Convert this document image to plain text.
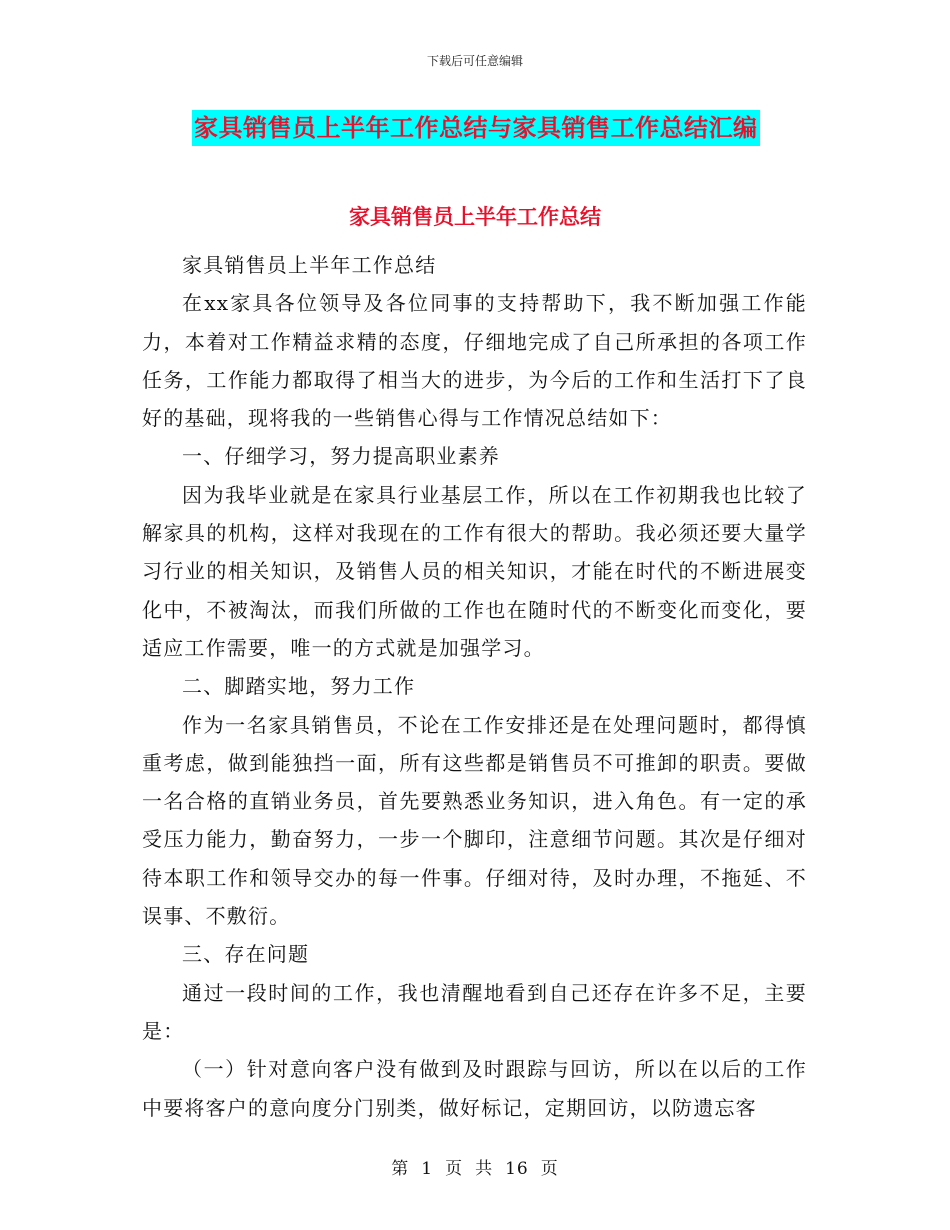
下载后可任意编辑
家具销售员上半年工作总结与家具销售工作总结汇编
家具销售员上半年工作总结

家具销售员上半年工作总结

在xx家具各位领导及各位同事的支持帮助下，我不断加强工作能力，本着对工作精益求精的态度，仔细地完成了自己所承担的各项工作任务，工作能力都取得了相当大的进步，为今后的工作和生活打下了良好的基础，现将我的一些销售心得与工作情况总结如下：

一、仔细学习，努力提高职业素养

因为我毕业就是在家具行业基层工作，所以在工作初期我也比较了解家具的机构，这样对我现在的工作有很大的帮助。我必须还要大量学习行业的相关知识，及销售人员的相关知识，才能在时代的不断进展变化中，不被淘汰，而我们所做的工作也在随时代的不断变化而变化，要适应工作需要，唯一的方式就是加强学习。

二、脚踏实地，努力工作

作为一名家具销售员，不论在工作安排还是在处理问题时，都得慎重考虑，做到能独挡一面，所有这些都是销售员不可推卸的职责。要做一名合格的直销业务员，首先要熟悉业务知识，进入角色。有一定的承受压力能力，勤奋努力，一步一个脚印，注意细节问题。其次是仔细对待本职工作和领导交办的每一件事。仔细对待，及时办理，不拖延、不误事、不敷衍。

三、存在问题

通过一段时间的工作，我也清醒地看到自己还存在许多不足，主要是：

（一）针对意向客户没有做到及时跟踪与回访，所以在以后的工作中要将客户的意向度分门别类，做好标记，定期回访，以防遗忘客

第 1 页 共 16 页
